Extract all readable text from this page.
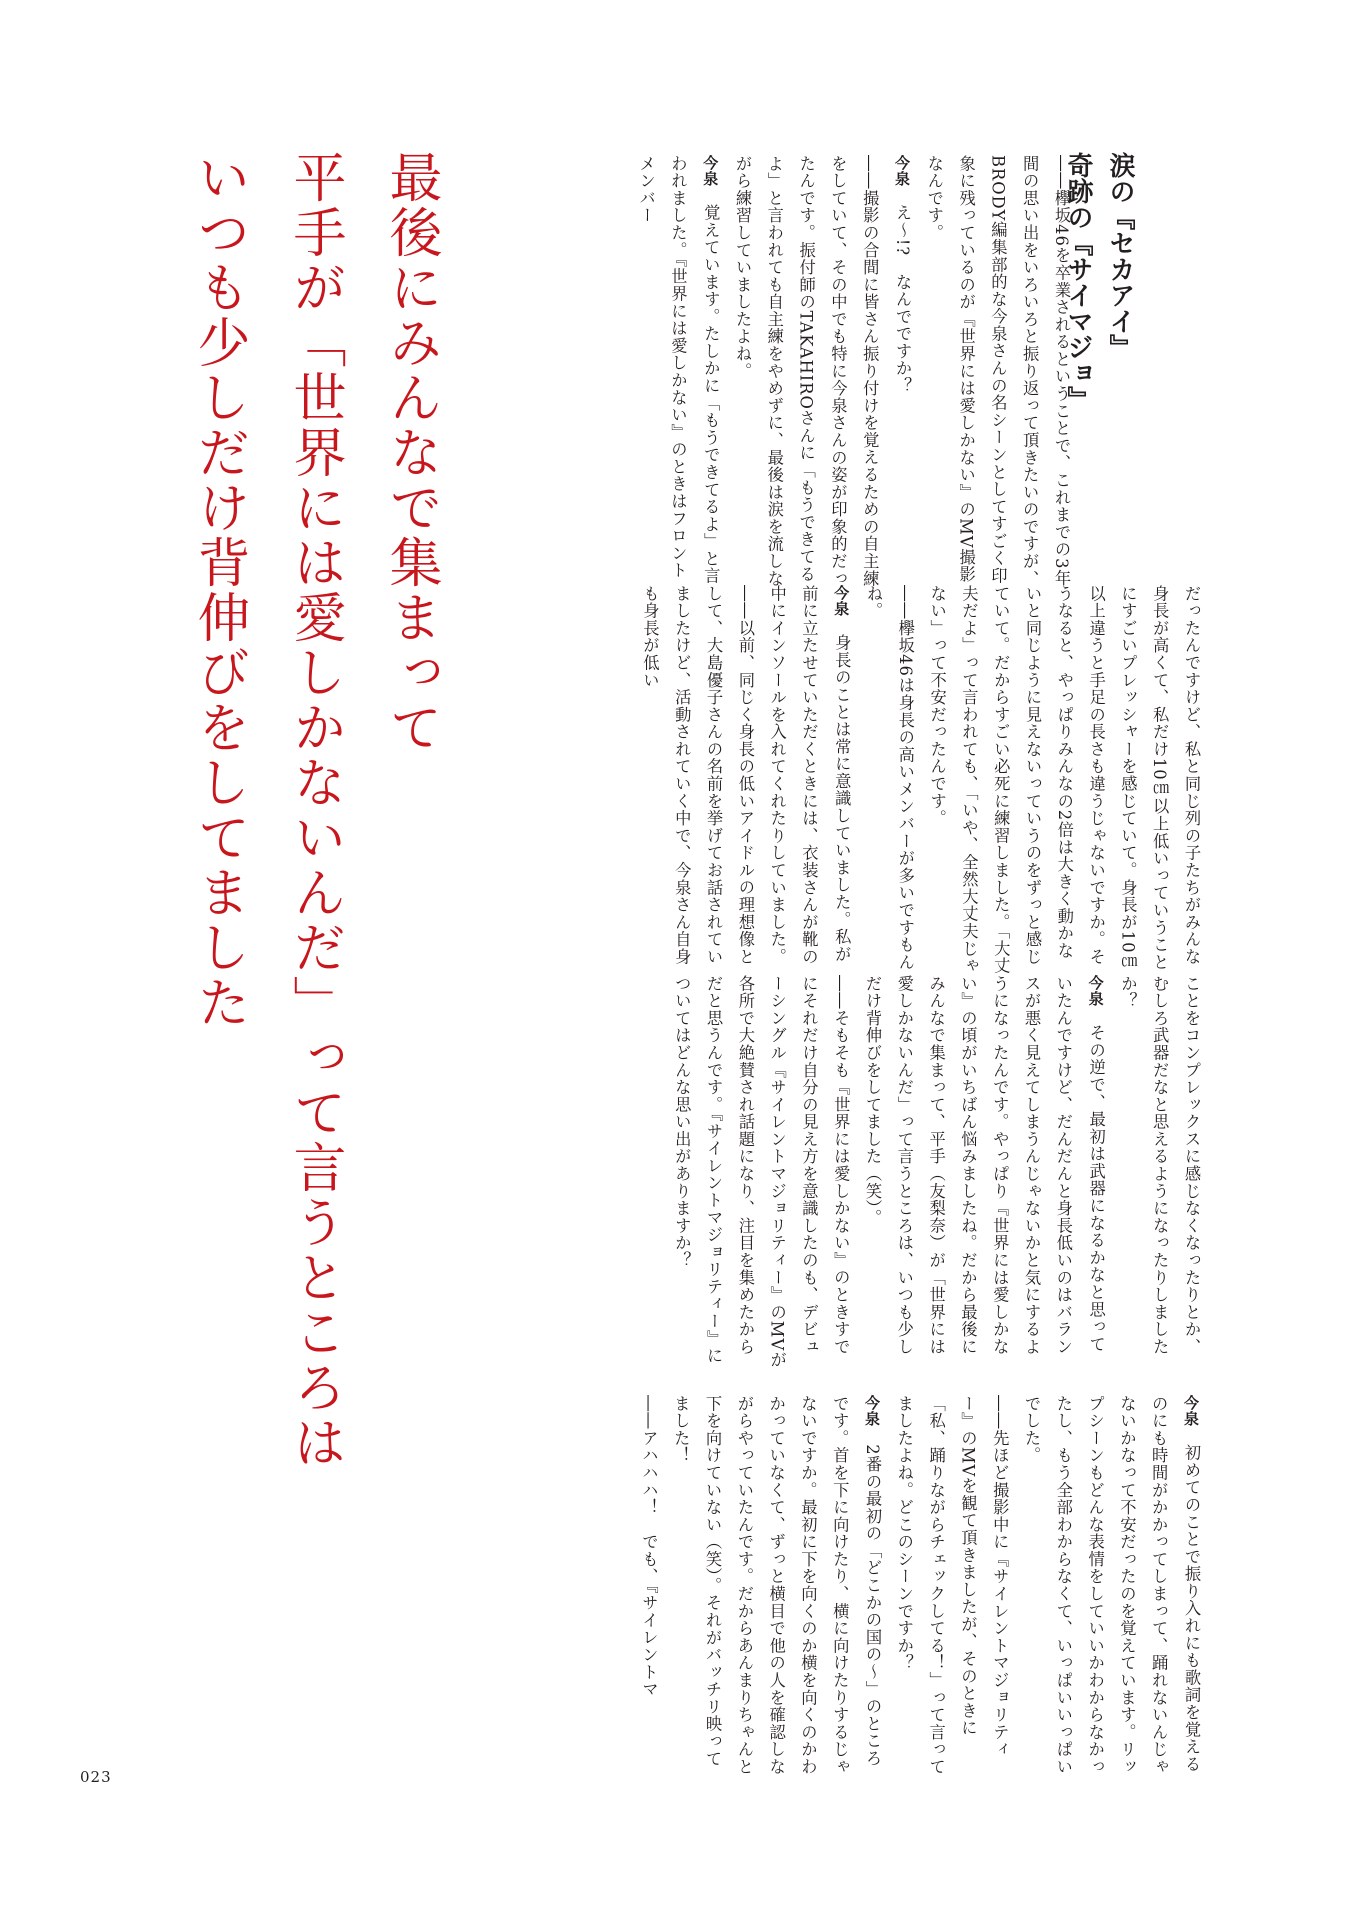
最後にみんなで集まって
平手が「世界には愛しかないんだ」って言うところは
いつも少しだけ背伸びをしてました	涙の『セカアイ』
奇跡の『サイマジョ』

――欅坂46を卒業されるということで、これまでの3年間の思い出をいろいろと振り返って頂きたいのですが、BRODY編集部的な今泉さんの名シーンとしてすごく印象に残っているのが『世界には愛しかない』のMV撮影なんです。

今泉　え〜!?　なんでですか？

――撮影の合間に皆さん振り付けを覚えるための自主練をしていて、その中でも特に今泉さんの姿が印象的だったんです。振付師のTAKAHIROさんに「もうできてるよ」と言われても自主練をやめずに、最後は涙を流しながら練習していましたよね。

今泉　覚えています。たしかに「もうできてるよ」と言われました。『世界には愛しかない』のときはフロントメンバー

だったんですけど、私と同じ列の子たちがみんな身長が高くて、私だけ10㎝以上低いっていうことにすごいプレッシャーを感じていて。身長が10㎝以上違うと手足の長さも違うじゃないですか。そうなると、やっぱりみんなの2倍は大きく動かないと同じように見えないっていうのをずっと感じていて。だからすごい必死に練習しました。「大丈夫だよ」って言われても、「いや、全然大丈夫じゃない」って不安だったんです。

――欅坂46は身長の高いメンバーが多いですもんね。

今泉　身長のことは常に意識していました。私が前に立たせていただくときには、衣装さんが靴の中にインソールを入れてくれたりしていました。

――以前、同じく身長の低いアイドルの理想像として、大島優子さんの名前を挙げてお話されていましたけど、活動されていく中で、今泉さん自身も身長が低い

ことをコンプレックスに感じなくなったりとか、むしろ武器だなと思えるようになったりしましたか？

今泉　その逆で、最初は武器になるかなと思っていたんですけど、だんだんと身長低いのはバランスが悪く見えてしまうんじゃないかと気にするようになったんです。やっぱり『世界には愛しかない』の頃がいちばん悩みましたね。だから最後にみんなで集まって、平手（友梨奈）が「世界には愛しかないんだ」って言うところは、いつも少しだけ背伸びをしてました（笑）。

――そもそも『世界には愛しかない』のときすでにそれだけ自分の見え方を意識したのも、デビューシングル『サイレントマジョリティー』のMVが各所で大絶賛され話題になり、注目を集めたからだと思うんです。『サイレントマジョリティー』についてはどんな思い出がありますか？

今泉　初めてのことで振り入れにも歌詞を覚えるのにも時間がかかってしまって、踊れないんじゃないかなって不安だったのを覚えています。リップシーンもどんな表情をしていいかわからなかったし、もう全部わからなくて、いっぱいいっぱいでした。

――先ほど撮影中に『サイレントマジョリティー』のMVを観て頂きましたが、そのときに「私、踊りながらチェックしてる！」って言ってましたよね。どこのシーンですか？

今泉　2番の最初の「どこかの国の〜」のところです。首を下に向けたり、横に向けたりするじゃないですか。最初に下を向くのか横を向くのかわかっていなくて、ずっと横目で他の人を確認しながらやっていたんです。だからあんまりちゃんと下を向けていない（笑）。それがバッチリ映ってました！

――アハハハ！　でも、『サイレントマ

023
